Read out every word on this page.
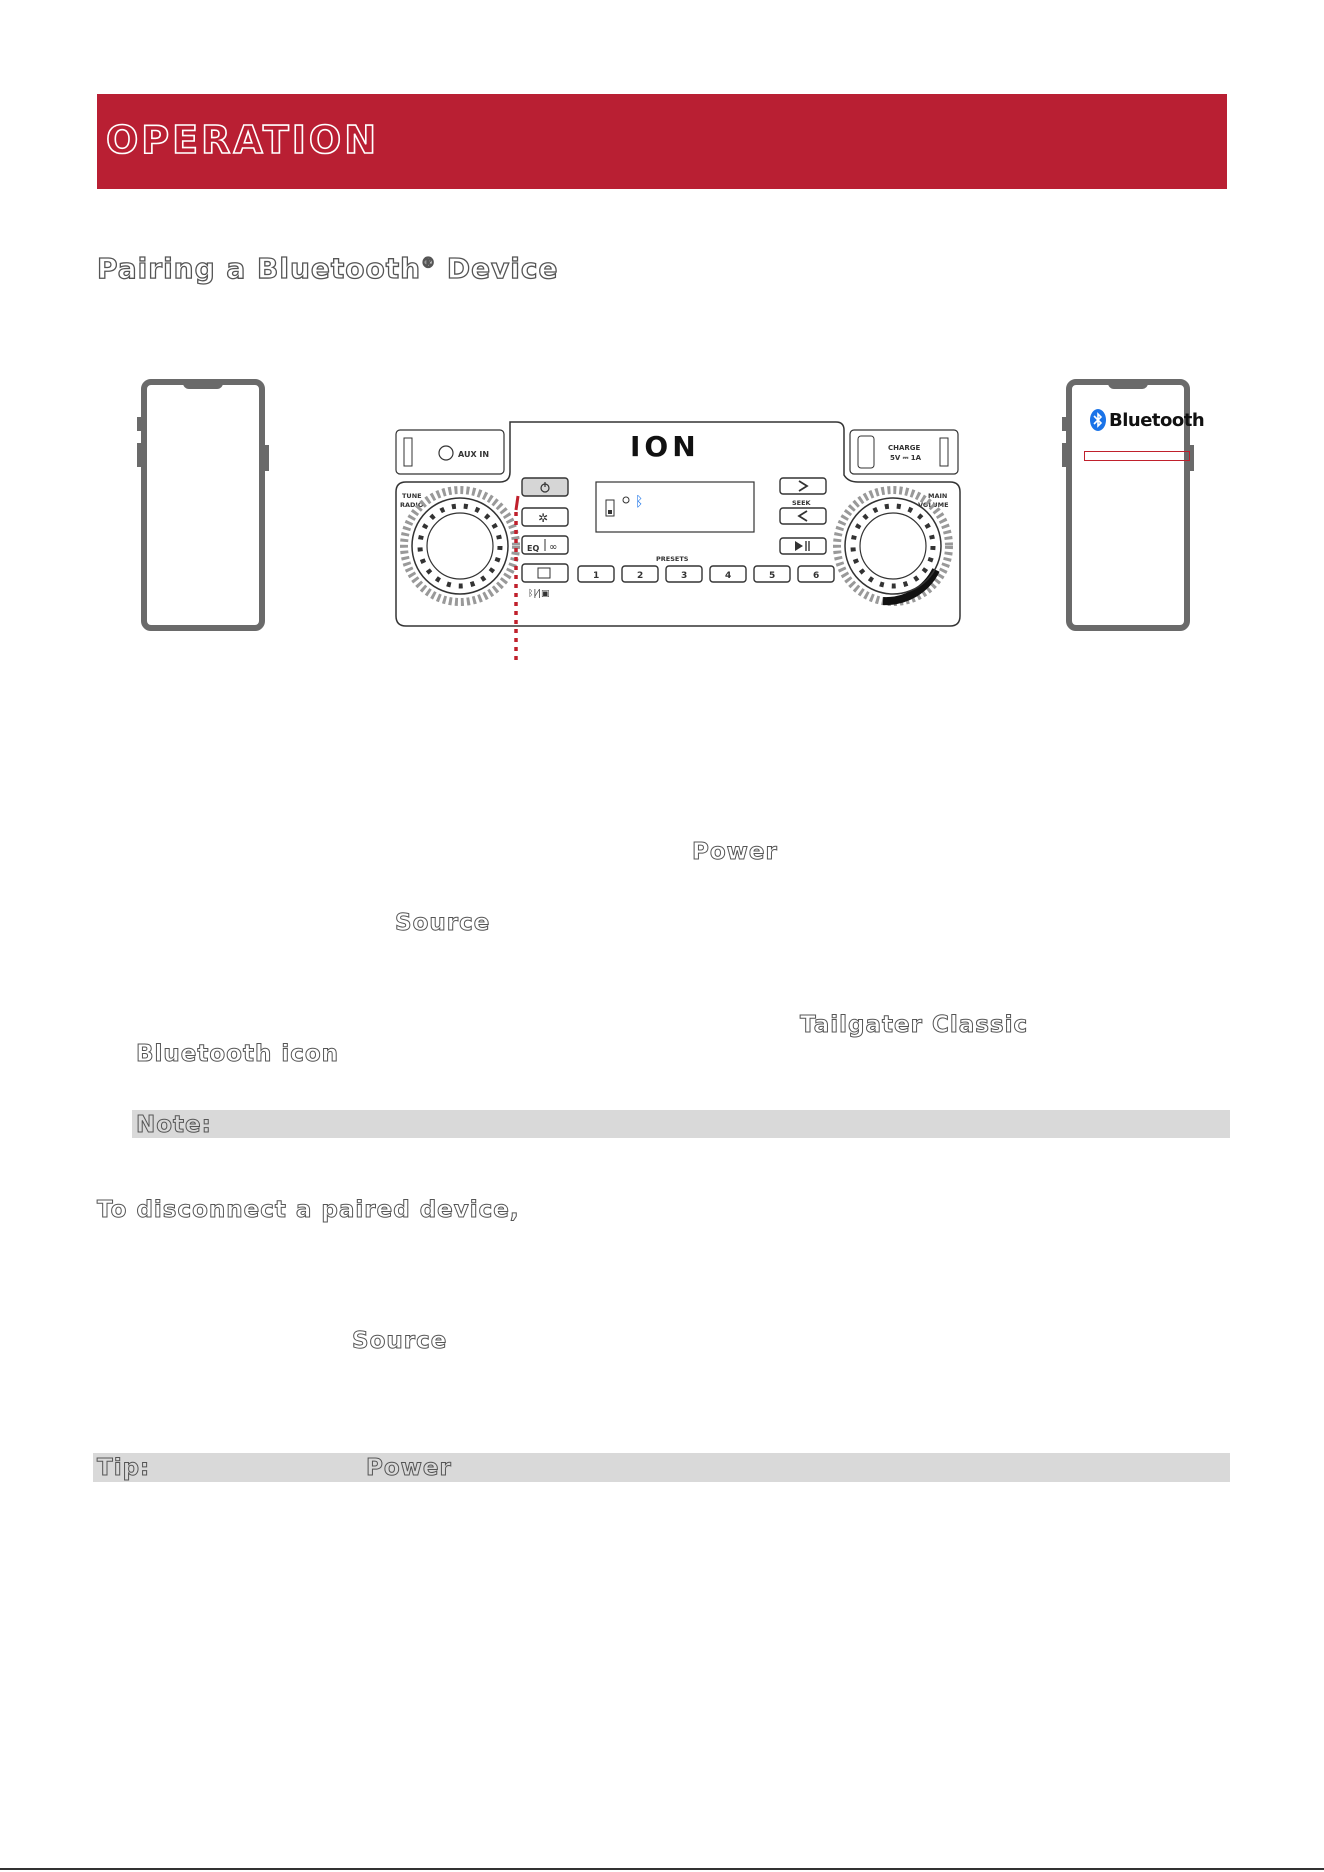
OPERATION
Pairing a Bluetooth® Device
Bluetooth
AUX IN
CHARGE
5V ⎓ 1A
ION
TUNE
RADIO
MAIN
VOLUME
✲
EQ ∞
ᛒ|⁄|▣
ᛒ	SEEK
PRESETS
1	2	3	4	5	6
Power
Source
Tailgater Classic
Bluetooth icon
Note:
To disconnect a paired device,
Source
Tip:	Power
